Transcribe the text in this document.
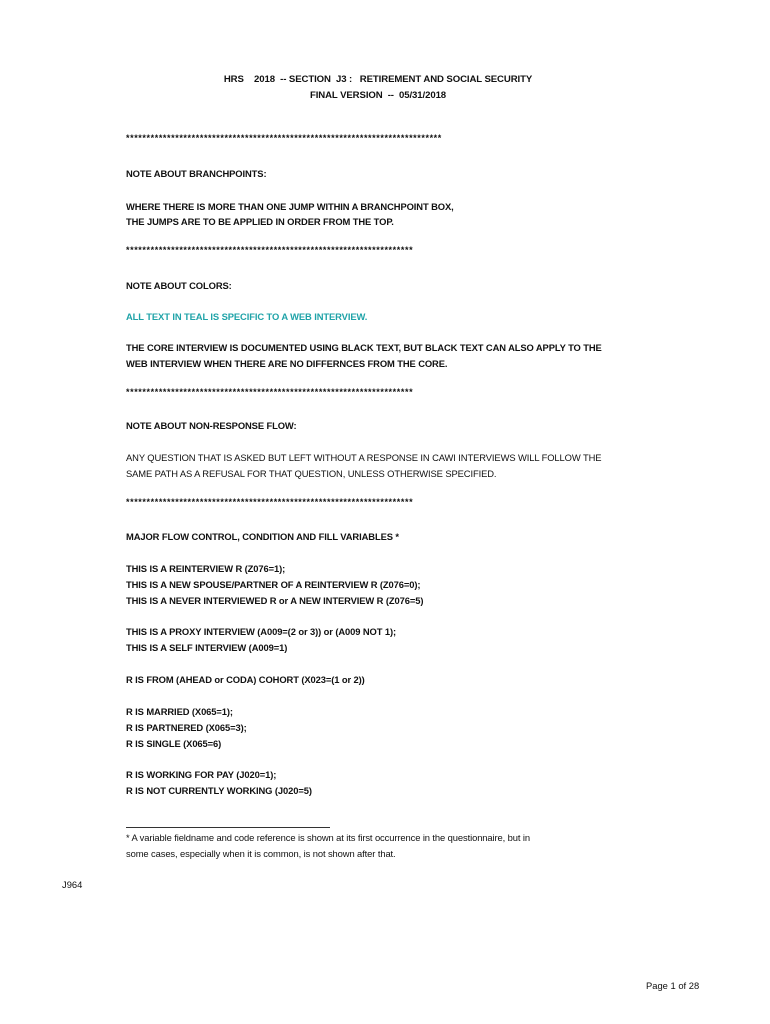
HRS    2018  -- SECTION  J3 :   RETIREMENT AND SOCIAL SECURITY
FINAL VERSION  --  05/31/2018
*****************************************************************************
NOTE ABOUT BRANCHPOINTS:
WHERE THERE IS MORE THAN ONE JUMP WITHIN A BRANCHPOINT BOX,
THE JUMPS ARE TO BE APPLIED IN ORDER FROM THE TOP.
**********************************************************************
NOTE ABOUT COLORS:
ALL TEXT IN TEAL IS SPECIFIC TO A WEB INTERVIEW.
THE CORE INTERVIEW IS DOCUMENTED USING BLACK TEXT, BUT BLACK TEXT CAN ALSO APPLY TO THE
WEB INTERVIEW WHEN THERE ARE NO DIFFERNCES FROM THE CORE.
**********************************************************************
NOTE ABOUT NON-RESPONSE FLOW:
ANY QUESTION THAT IS ASKED BUT LEFT WITHOUT A RESPONSE IN CAWI INTERVIEWS WILL FOLLOW THE
SAME PATH AS A REFUSAL FOR THAT QUESTION, UNLESS OTHERWISE SPECIFIED.
**********************************************************************
MAJOR FLOW CONTROL, CONDITION AND FILL VARIABLES *
THIS IS A REINTERVIEW R (Z076=1);
THIS IS A NEW SPOUSE/PARTNER OF A REINTERVIEW R (Z076=0);
THIS IS A NEVER INTERVIEWED R or A NEW INTERVIEW R (Z076=5)
THIS IS A PROXY INTERVIEW (A009=(2 or 3)) or (A009 NOT 1);
THIS IS A SELF INTERVIEW (A009=1)
R IS FROM (AHEAD or CODA) COHORT (X023=(1 or 2))
R IS MARRIED (X065=1);
R IS PARTNERED (X065=3);
R IS SINGLE (X065=6)
R IS WORKING FOR PAY (J020=1);
R IS NOT CURRENTLY WORKING (J020=5)
* A variable fieldname and code reference is shown at its first occurrence in the questionnaire, but in
some cases, especially when it is common, is not shown after that.
J964
Page 1 of 28
